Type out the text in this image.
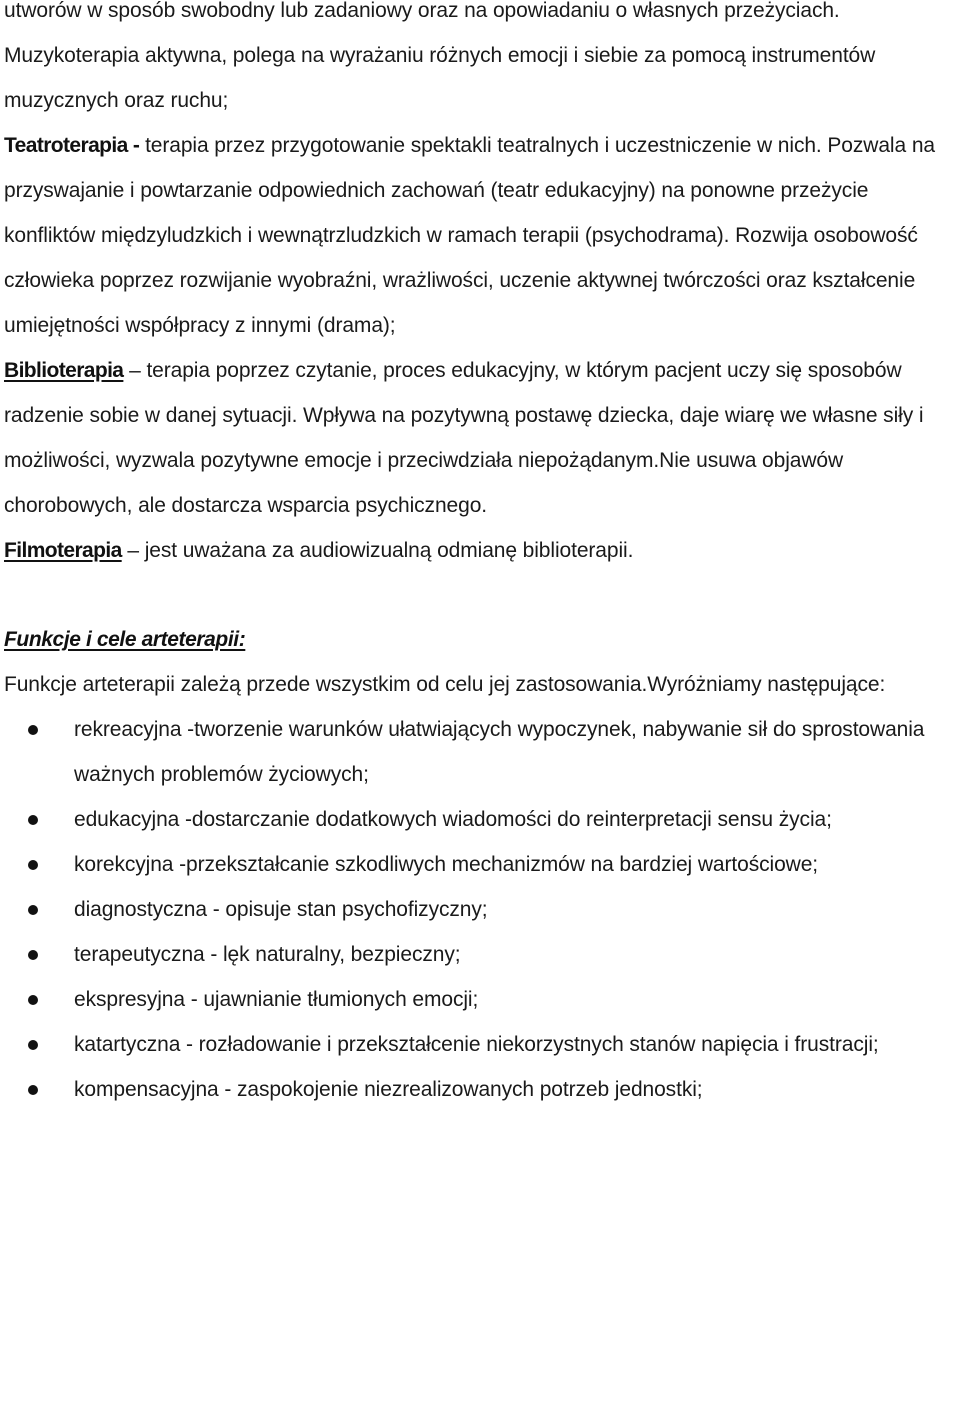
utworów w sposób swobodny lub zadaniowy oraz na opowiadaniu o własnych przeżyciach.

Muzykoterapia aktywna, polega na wyrażaniu różnych emocji i siebie za pomocą instrumentów muzycznych oraz ruchu;

Teatroterapia - terapia przez przygotowanie spektakli teatralnych i uczestniczenie w nich. Pozwala na przyswajanie i powtarzanie odpowiednich zachowań (teatr edukacyjny) na ponowne przeżycie konfliktów międzyludzkich i wewnątrzludzkich w ramach terapii (psychodrama). Rozwija osobowość człowieka poprzez rozwijanie wyobraźni, wrażliwości, uczenie aktywnej twórczości oraz kształcenie umiejętności współpracy z innymi (drama);

Biblioterapia – terapia poprzez czytanie, proces edukacyjny, w którym pacjent uczy się sposobów radzenie sobie w danej sytuacji. Wpływa na pozytywną postawę dziecka, daje wiarę we własne siły i możliwości, wyzwala pozytywne emocje i przeciwdziała niepożądanym.Nie usuwa objawów chorobowych, ale dostarcza wsparcia psychicznego.

Filmoterapia – jest uważana za audiowizualną odmianę biblioterapii.

Funkcje i cele arteterapii:

Funkcje arteterapii zależą przede wszystkim od celu jej zastosowania.Wyróżniamy następujące:

rekreacyjna -tworzenie warunków ułatwiających wypoczynek, nabywanie sił do sprostowania ważnych problemów życiowych;
edukacyjna -dostarczanie dodatkowych wiadomości do reinterpretacji sensu życia;
korekcyjna -przekształcanie szkodliwych mechanizmów na bardziej wartościowe;
diagnostyczna - opisuje stan psychofizyczny;
terapeutyczna - lęk naturalny, bezpieczny;
ekspresyjna - ujawnianie tłumionych emocji;
katartyczna - rozładowanie i przekształcenie niekorzystnych stanów napięcia i frustracji;
kompensacyjna - zaspokojenie niezrealizowanych potrzeb jednostki;
